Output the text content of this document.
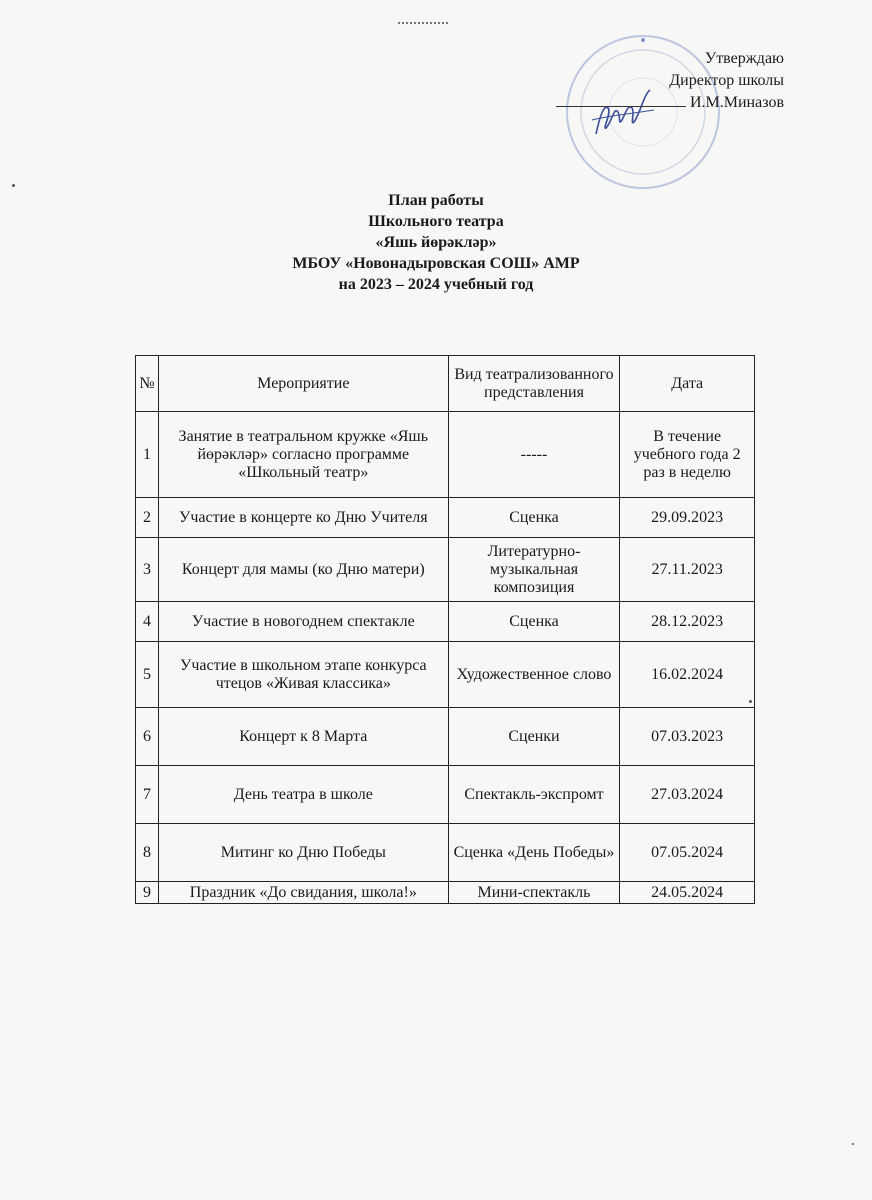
Утверждаю
Директор школы
И.М.Миназов
План работы
Школьного театра
«Яшь йөрәкләр»
МБОУ «Новонадыровская СОШ» АМР
на 2023 – 2024 учебный год
№	Мероприятие	Вид театрализованного представления	Дата
1	Занятие в театральном кружке «Яшь йөрәкләр» согласно программе «Школьный театр»	-----	В течение учебного года 2 раз в неделю
2	Участие в концерте ко Дню Учителя	Сценка	29.09.2023
3	Концерт для мамы (ко Дню матери)	Литературно-музыкальная композиция	27.11.2023
4	Участие в новогоднем спектакле	Сценка	28.12.2023
5	Участие в школьном этапе конкурса чтецов «Живая классика»	Художественное слово	16.02.2024
6	Концерт к 8 Марта	Сценки	07.03.2023
7	День театра в школе	Спектакль-экспромт	27.03.2024
8	Митинг ко Дню Победы	Сценка «День Победы»	07.05.2024
9	Праздник «До свидания, школа!»	Мини-спектакль	24.05.2024
